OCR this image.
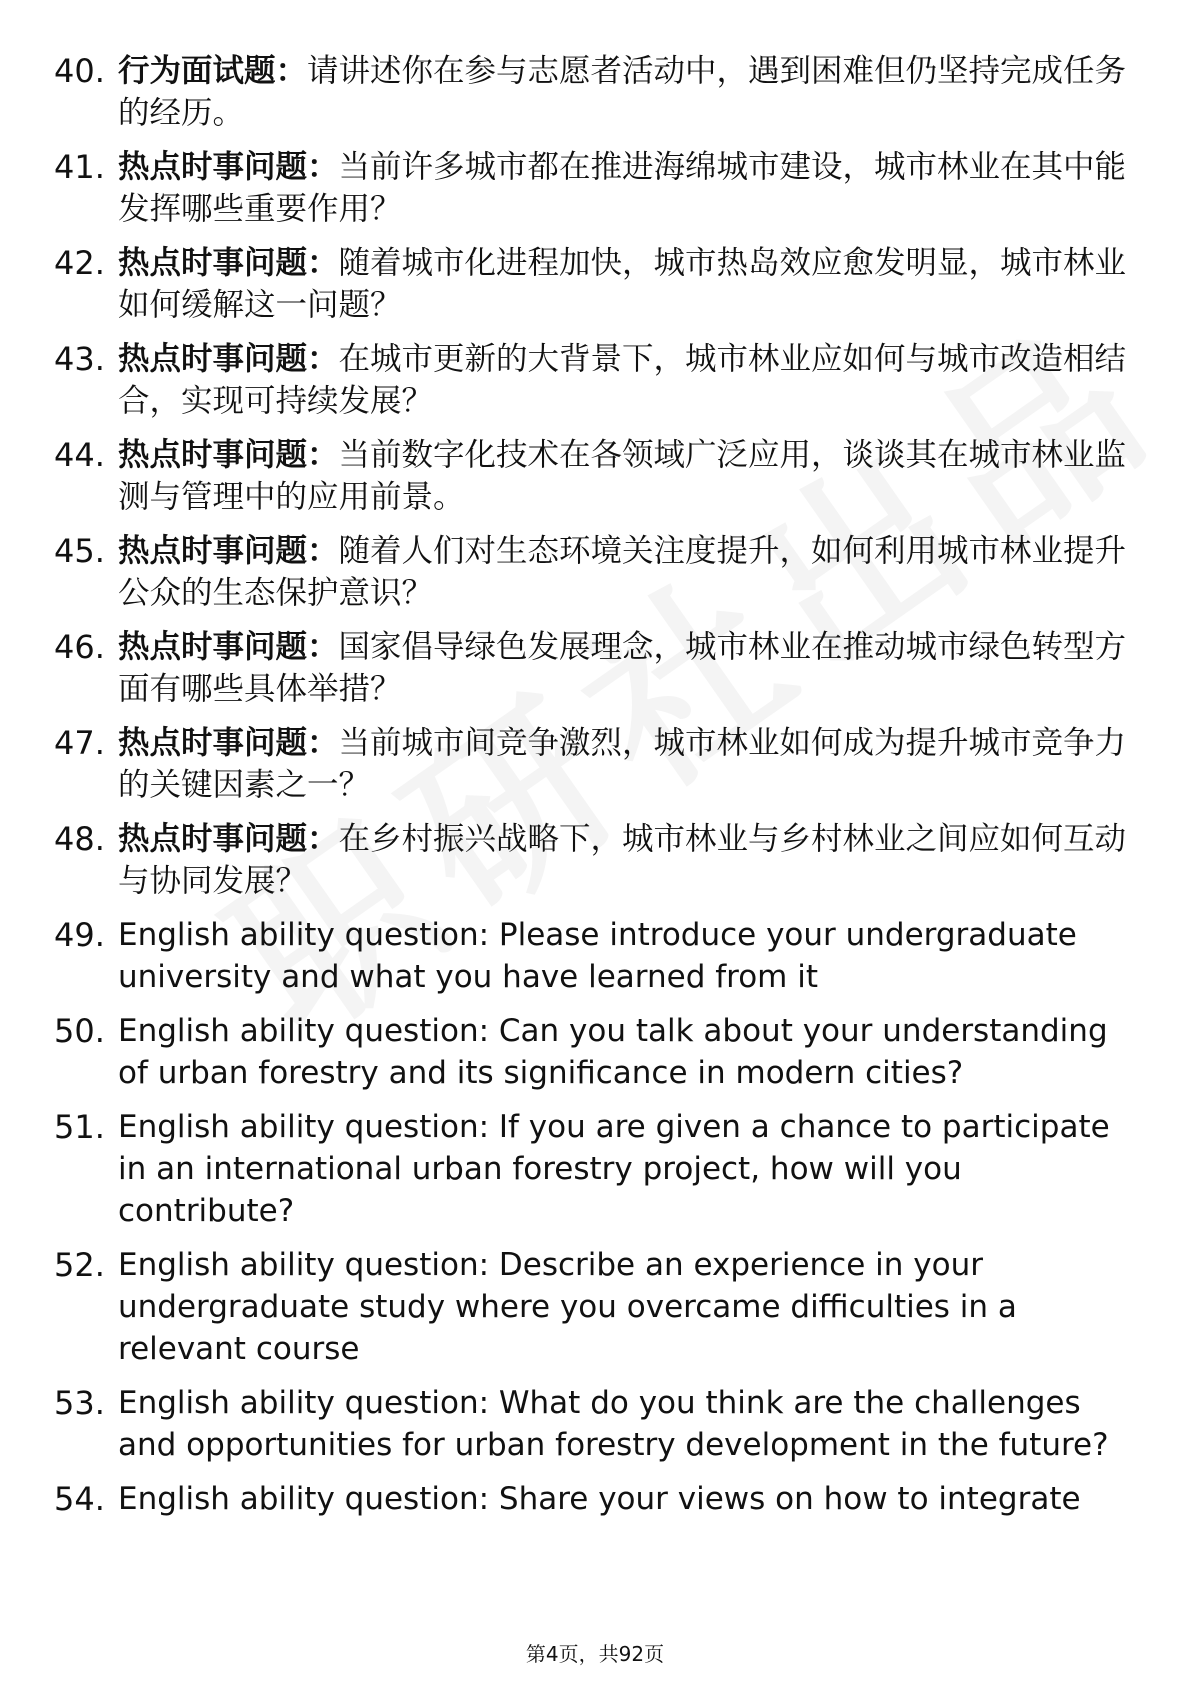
40. 行为面试题：请讲述你在参与志愿者活动中，遇到困难但仍坚持完成任务的经历。
41. 热点时事问题：当前许多城市都在推进海绵城市建设，城市林业在其中能发挥哪些重要作用？
42. 热点时事问题：随着城市化进程加快，城市热岛效应愈发明显，城市林业如何缓解这一问题？
43. 热点时事问题：在城市更新的大背景下，城市林业应如何与城市改造相结合，实现可持续发展？
44. 热点时事问题：当前数字化技术在各领域广泛应用，谈谈其在城市林业监测与管理中的应用前景。
45. 热点时事问题：随着人们对生态环境关注度提升，如何利用城市林业提升公众的生态保护意识？
46. 热点时事问题：国家倡导绿色发展理念，城市林业在推动城市绿色转型方面有哪些具体举措？
47. 热点时事问题：当前城市间竞争激烈，城市林业如何成为提升城市竞争力的关键因素之一？
48. 热点时事问题：在乡村振兴战略下，城市林业与乡村林业之间应如何互动与协同发展？
49. English ability question: Please introduce your undergraduate university and what you have learned from it
50. English ability question: Can you talk about your understanding of urban forestry and its significance in modern cities?
51. English ability question: If you are given a chance to participate in an international urban forestry project, how will you contribute?
52. English ability question: Describe an experience in your undergraduate study where you overcame difficulties in a relevant course
53. English ability question: What do you think are the challenges and opportunities for urban forestry development in the future?
54. English ability question: Share your views on how to integrate
第4页，共92页
